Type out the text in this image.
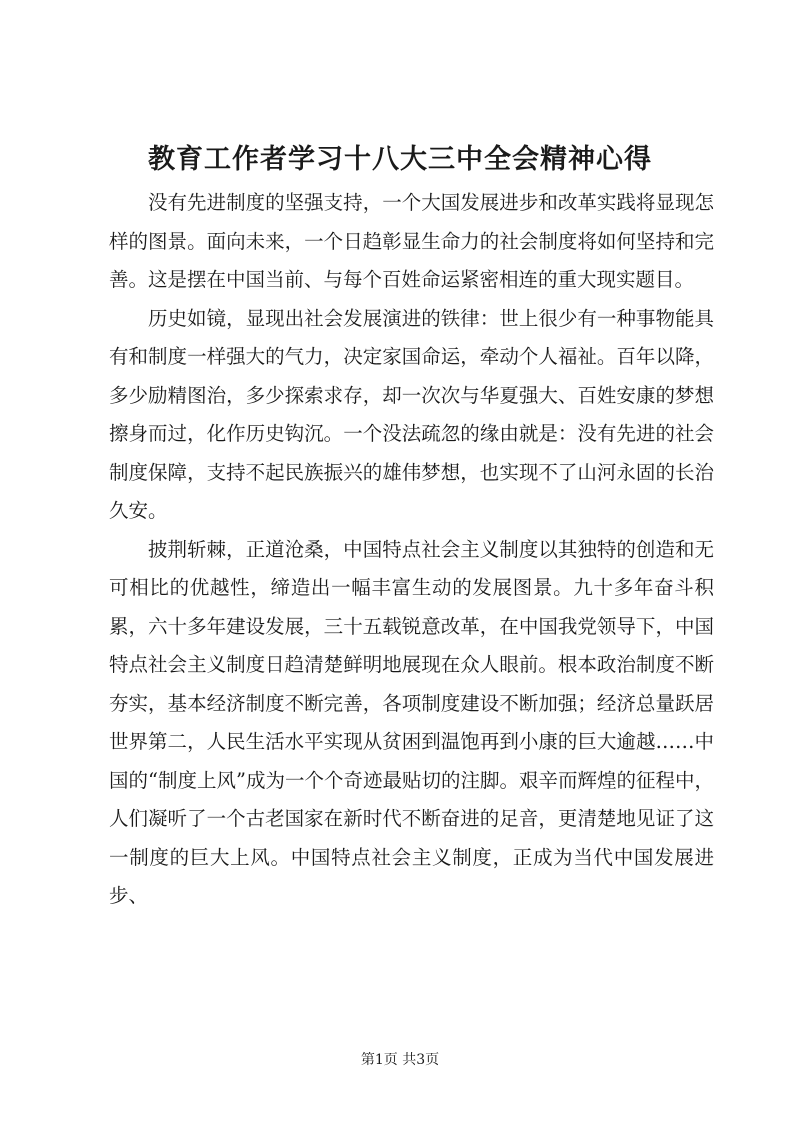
教育工作者学习十八大三中全会精神心得

没有先进制度的坚强支持，一个大国发展进步和改革实践将显现怎样的图景。面向未来，一个日趋彰显生命力的社会制度将如何坚持和完善。这是摆在中国当前、与每个百姓命运紧密相连的重大现实题目。

历史如镜，显现出社会发展演进的铁律：世上很少有一种事物能具有和制度一样强大的气力，决定家国命运，牵动个人福祉。百年以降，多少励精图治，多少探索求存，却一次次与华夏强大、百姓安康的梦想擦身而过，化作历史钩沉。一个没法疏忽的缘由就是：没有先进的社会制度保障，支持不起民族振兴的雄伟梦想，也实现不了山河永固的长治久安。

披荆斩棘，正道沧桑，中国特点社会主义制度以其独特的创造和无可相比的优越性，缔造出一幅丰富生动的发展图景。九十多年奋斗积累，六十多年建设发展，三十五载锐意改革，在中国我党领导下，中国特点社会主义制度日趋清楚鲜明地展现在众人眼前。根本政治制度不断夯实，基本经济制度不断完善，各项制度建设不断加强；经济总量跃居世界第二，人民生活水平实现从贫困到温饱再到小康的巨大逾越……中国的“制度上风”成为一个个奇迹最贴切的注脚。艰辛而辉煌的征程中，人们凝听了一个古老国家在新时代不断奋进的足音，更清楚地见证了这一制度的巨大上风。中国特点社会主义制度，正成为当代中国发展进步、

第1页 共3页
